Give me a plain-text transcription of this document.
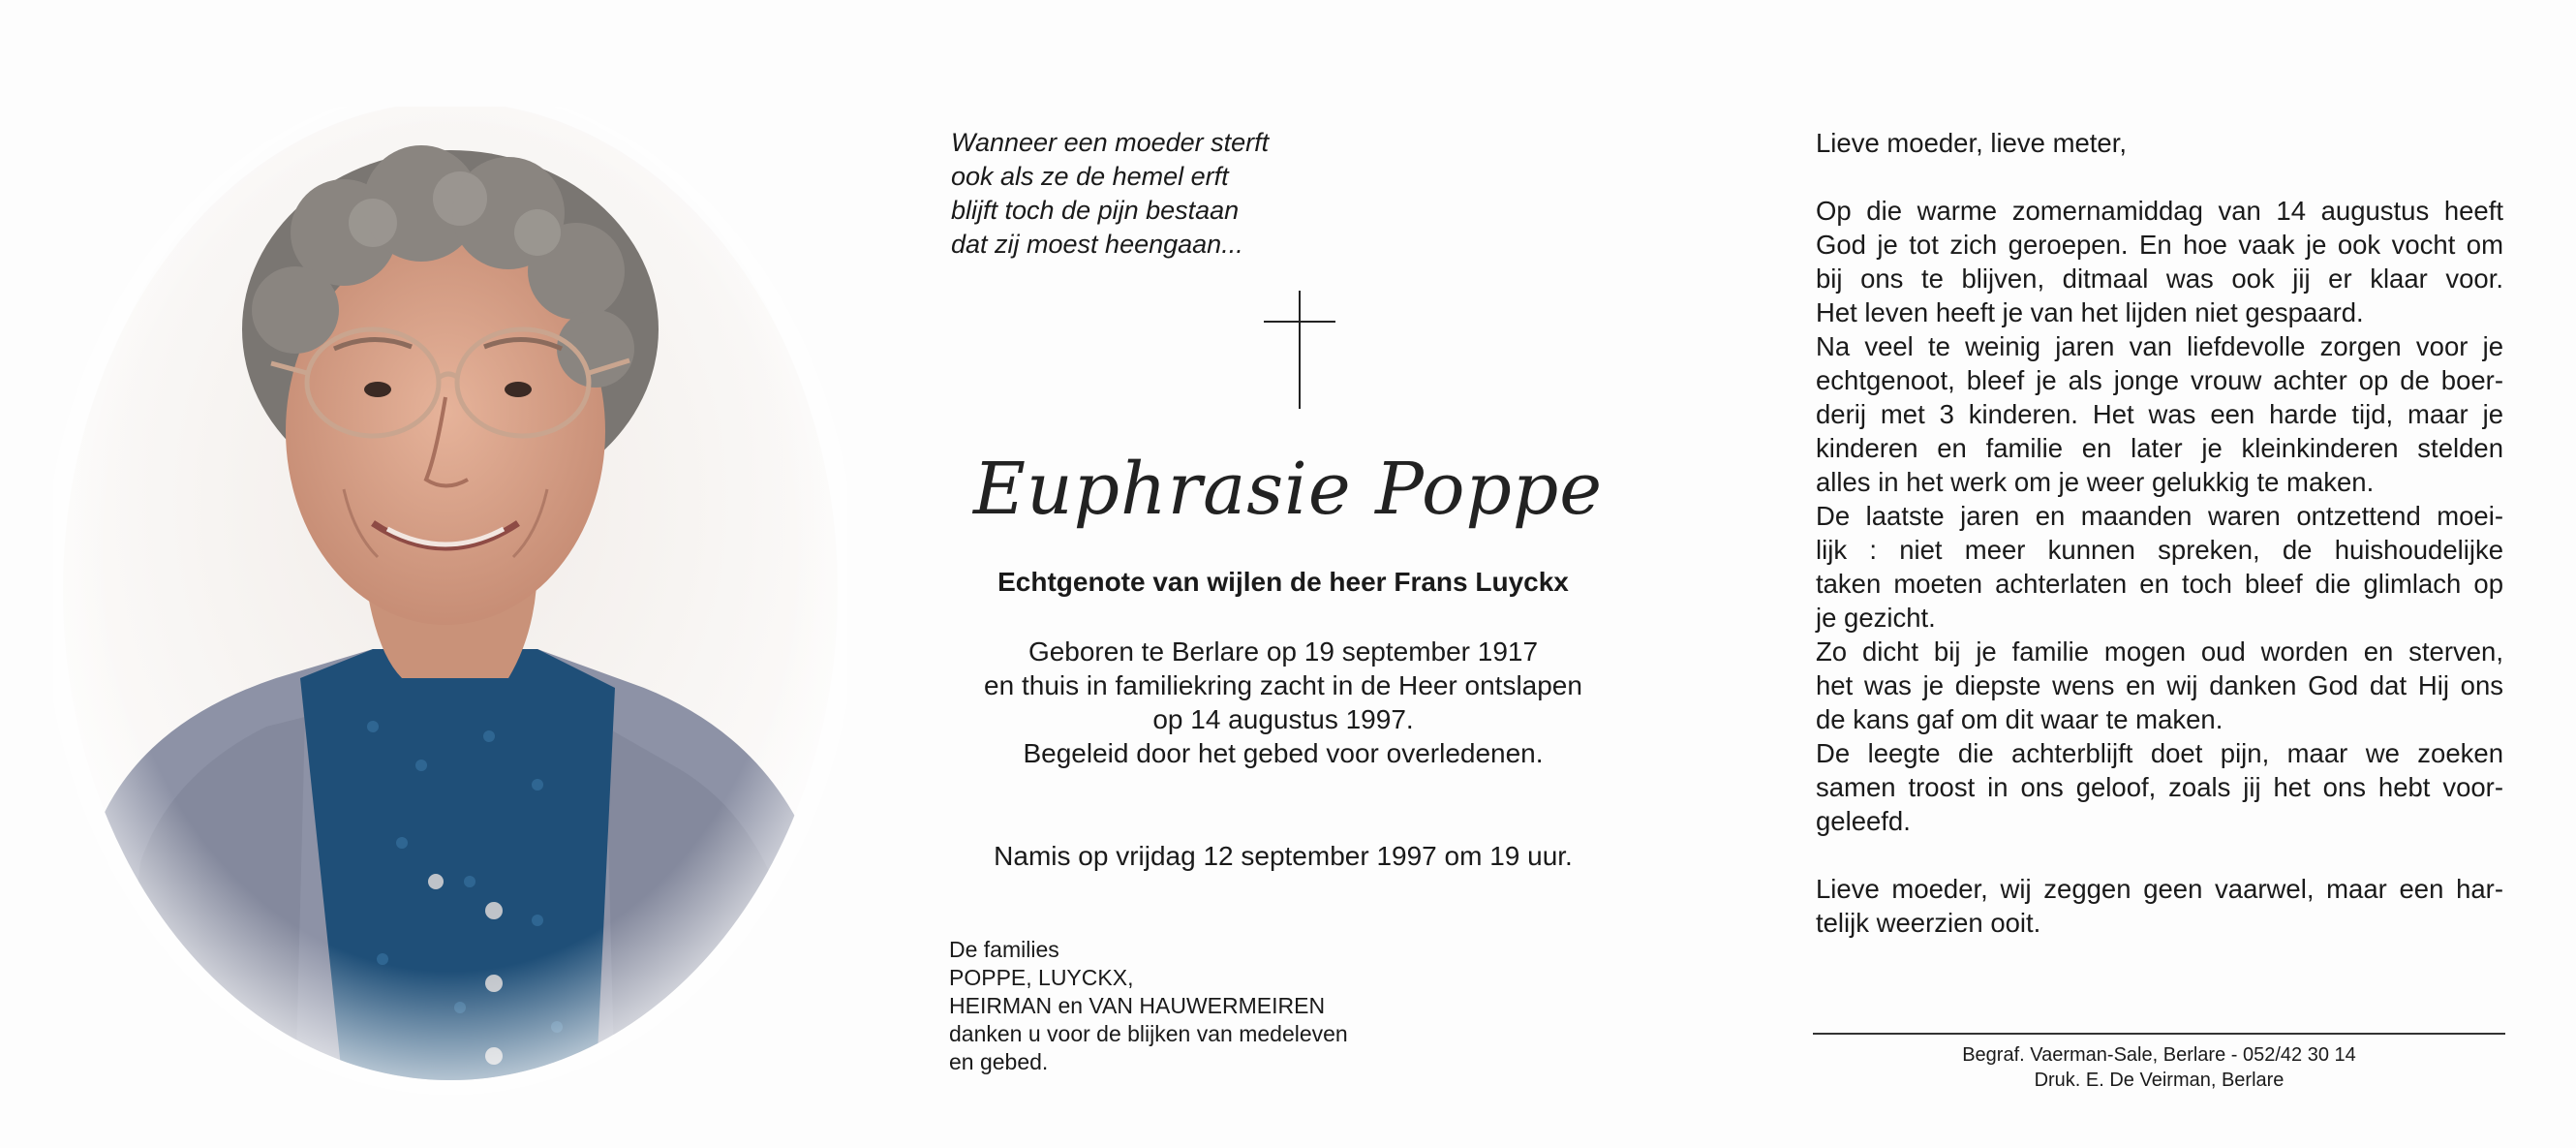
Wanneer een moeder sterft
ook als ze de hemel erft
blijft toch de pijn bestaan
dat zij moest heengaan...
Euphrasie Poppe
Echtgenote van wijlen de heer Frans Luyckx
Geboren te Berlare op 19 september 1917
en thuis in familiekring zacht in de Heer ontslapen
op 14 augustus 1997.
Begeleid door het gebed voor overledenen.
Namis op vrijdag 12 september 1997 om 19 uur.
De families
POPPE, LUYCKX,
HEIRMAN en VAN HAUWERMEIREN
danken u voor de blijken van medeleven
en gebed.
Lieve moeder, lieve meter,
Op die warme zomernamiddag van 14 augustus heeft
God je tot zich geroepen. En hoe vaak je ook vocht om
bij ons te blijven, ditmaal was ook jij er klaar voor.
Het leven heeft je van het lijden niet gespaard.
Na veel te weinig jaren van liefdevolle zorgen voor je
echtgenoot, bleef je als jonge vrouw achter op de boer-
derij met 3 kinderen. Het was een harde tijd, maar je
kinderen en familie en later je kleinkinderen stelden
alles in het werk om je weer gelukkig te maken.
De laatste jaren en maanden waren ontzettend moei-
lijk : niet meer kunnen spreken, de huishoudelijke
taken moeten achterlaten en toch bleef die glimlach op
je gezicht.
Zo dicht bij je familie mogen oud worden en sterven,
het was je diepste wens en wij danken God dat Hij ons
de kans gaf om dit waar te maken.
De leegte die achterblijft doet pijn, maar we zoeken
samen troost in ons geloof, zoals jij het ons hebt voor-
geleefd.
Lieve moeder, wij zeggen geen vaarwel, maar een har-
telijk weerzien ooit.
Begraf. Vaerman-Sale, Berlare - 052/42 30 14
Druk. E. De Veirman, Berlare
